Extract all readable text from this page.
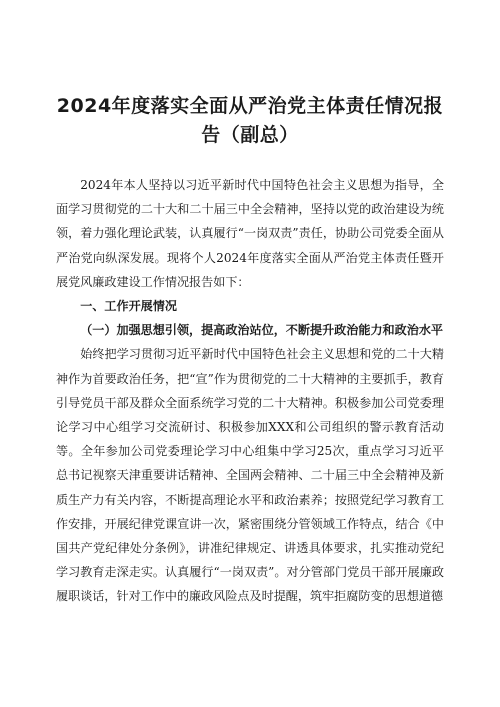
2024年度落实全面从严治党主体责任情况报
告（副总）

2024年本人坚持以习近平新时代中国特色社会主义思想为指导，全面学习贯彻党的二十大和二十届三中全会精神，坚持以党的政治建设为统领，着力强化理论武装，认真履行“一岗双责”责任，协助公司党委全面从严治党向纵深发展。现将个人2024年度落实全面从严治党主体责任暨开展党风廉政建设工作情况报告如下：

一、工作开展情况

（一）加强思想引领，提高政治站位，不断提升政治能力和政治水平

始终把学习贯彻习近平新时代中国特色社会主义思想和党的二十大精神作为首要政治任务，把“宣”作为贯彻党的二十大精神的主要抓手，教育引导党员干部及群众全面系统学习党的二十大精神。积极参加公司党委理论学习中心组学习交流研讨、积极参加XXX和公司组织的警示教育活动等。全年参加公司党委理论学习中心组集中学习25次，重点学习习近平总书记视察天津重要讲话精神、全国两会精神、二十届三中全会精神及新质生产力有关内容，不断提高理论水平和政治素养；按照党纪学习教育工作安排，开展纪律党课宣讲一次，紧密围绕分管领域工作特点，结合《中国共产党纪律处分条例》，讲准纪律规定、讲透具体要求，扎实推动党纪学习教育走深走实。认真履行“一岗双责”。对分管部门党员干部开展廉政履职谈话，针对工作中的廉政风险点及时提醒，筑牢拒腐防变的思想道德
